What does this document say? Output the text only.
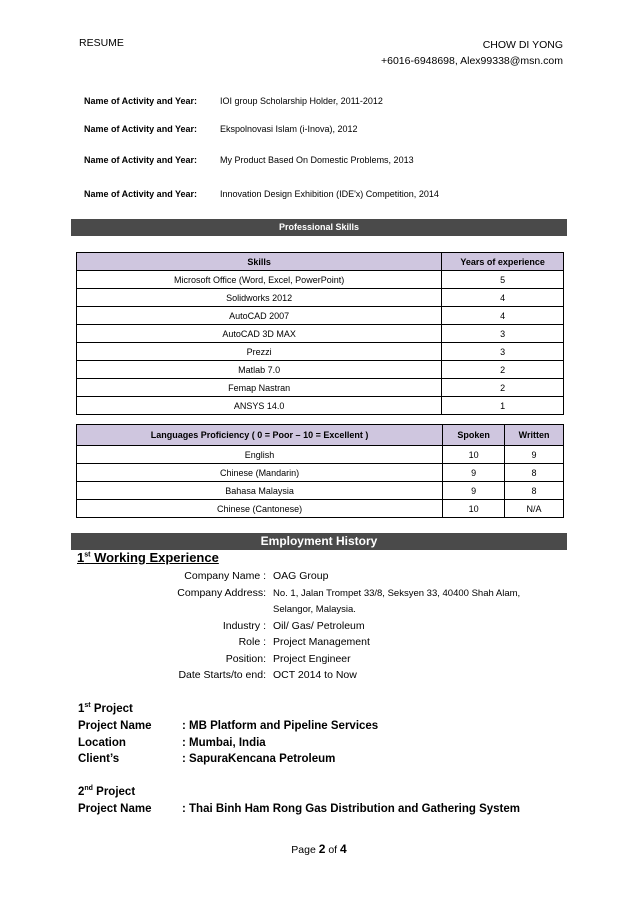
RESUME	CHOW DI YONG
+6016-6948698, Alex99338@msn.com
Name of Activity and Year:	IOI group Scholarship Holder, 2011-2012
Name of Activity and Year:	Ekspolnovasi Islam (i-Inova), 2012
Name of Activity and Year:	My Product Based On Domestic Problems, 2013
Name of Activity and Year:	Innovation Design Exhibition (IDE'x) Competition, 2014
Professional Skills
Skills	Years of experience
Microsoft Office (Word, Excel, PowerPoint)	5
Solidworks 2012	4
AutoCAD 2007	4
AutoCAD 3D MAX	3
Prezzi	3
Matlab 7.0	2
Femap Nastran	2
ANSYS 14.0	1
Languages Proficiency ( 0 = Poor – 10 = Excellent )	Spoken	Written
English	10	9
Chinese (Mandarin)	9	8
Bahasa Malaysia	9	8
Chinese (Cantonese)	10	N/A
Employment History
1st Working Experience
Company Name : OAG Group
Company Address: No. 1, Jalan Trompet 33/8, Seksyen 33, 40400 Shah Alam,
Selangor, Malaysia.
Industry : Oil/ Gas/ Petroleum
Role : Project Management
Position: Project Engineer
Date Starts/to end: OCT 2014 to Now
1st Project
Project Name	: MB Platform and Pipeline Services
Location	: Mumbai, India
Client’s	: SapuraKencana Petroleum
2nd Project
Project Name	: Thai Binh Ham Rong Gas Distribution and Gathering System
Page 2 of 4
